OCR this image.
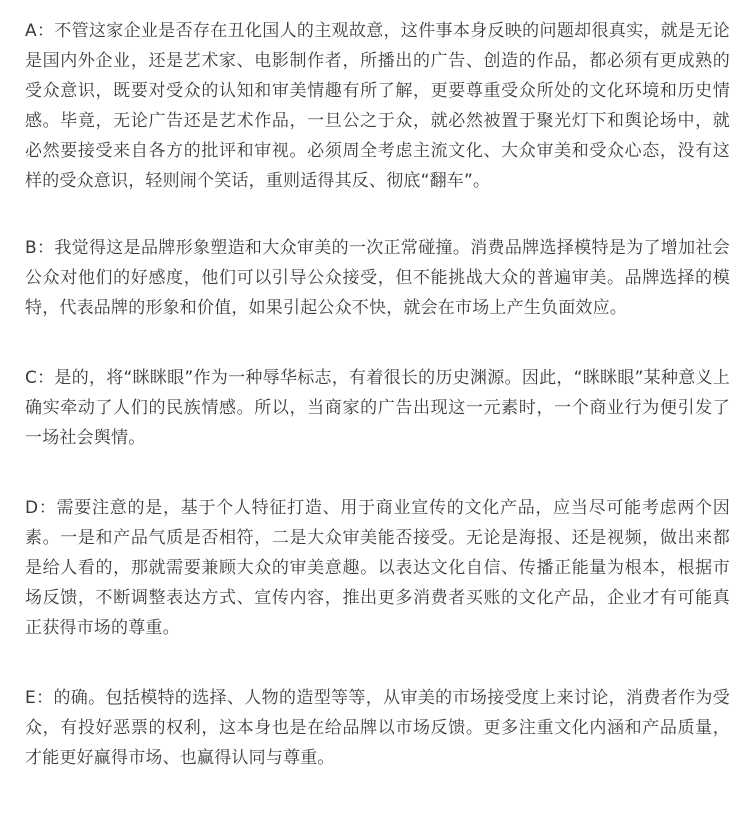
A：不管这家企业是否存在丑化国人的主观故意，这件事本身反映的问题却很真实，就是无论是国内外企业，还是艺术家、电影制作者，所播出的广告、创造的作品，都必须有更成熟的受众意识，既要对受众的认知和审美情趣有所了解，更要尊重受众所处的文化环境和历史情感。毕竟，无论广告还是艺术作品，一旦公之于众，就必然被置于聚光灯下和舆论场中，就必然要接受来自各方的批评和审视。必须周全考虑主流文化、大众审美和受众心态，没有这样的受众意识，轻则闹个笑话，重则适得其反、彻底“翻车”。

B：我觉得这是品牌形象塑造和大众审美的一次正常碰撞。消费品牌选择模特是为了增加社会公众对他们的好感度，他们可以引导公众接受，但不能挑战大众的普遍审美。品牌选择的模特，代表品牌的形象和价值，如果引起公众不快，就会在市场上产生负面效应。

C：是的，将“眯眯眼”作为一种辱华标志，有着很长的历史渊源。因此，“眯眯眼”某种意义上确实牵动了人们的民族情感。所以，当商家的广告出现这一元素时，一个商业行为便引发了一场社会舆情。

D：需要注意的是，基于个人特征打造、用于商业宣传的文化产品，应当尽可能考虑两个因素。一是和产品气质是否相符，二是大众审美能否接受。无论是海报、还是视频，做出来都是给人看的，那就需要兼顾大众的审美意趣。以表达文化自信、传播正能量为根本，根据市场反馈，不断调整表达方式、宣传内容，推出更多消费者买账的文化产品，企业才有可能真正获得市场的尊重。

E：的确。包括模特的选择、人物的造型等等，从审美的市场接受度上来讨论，消费者作为受众，有投好恶票的权利，这本身也是在给品牌以市场反馈。更多注重文化内涵和产品质量，才能更好赢得市场、也赢得认同与尊重。
